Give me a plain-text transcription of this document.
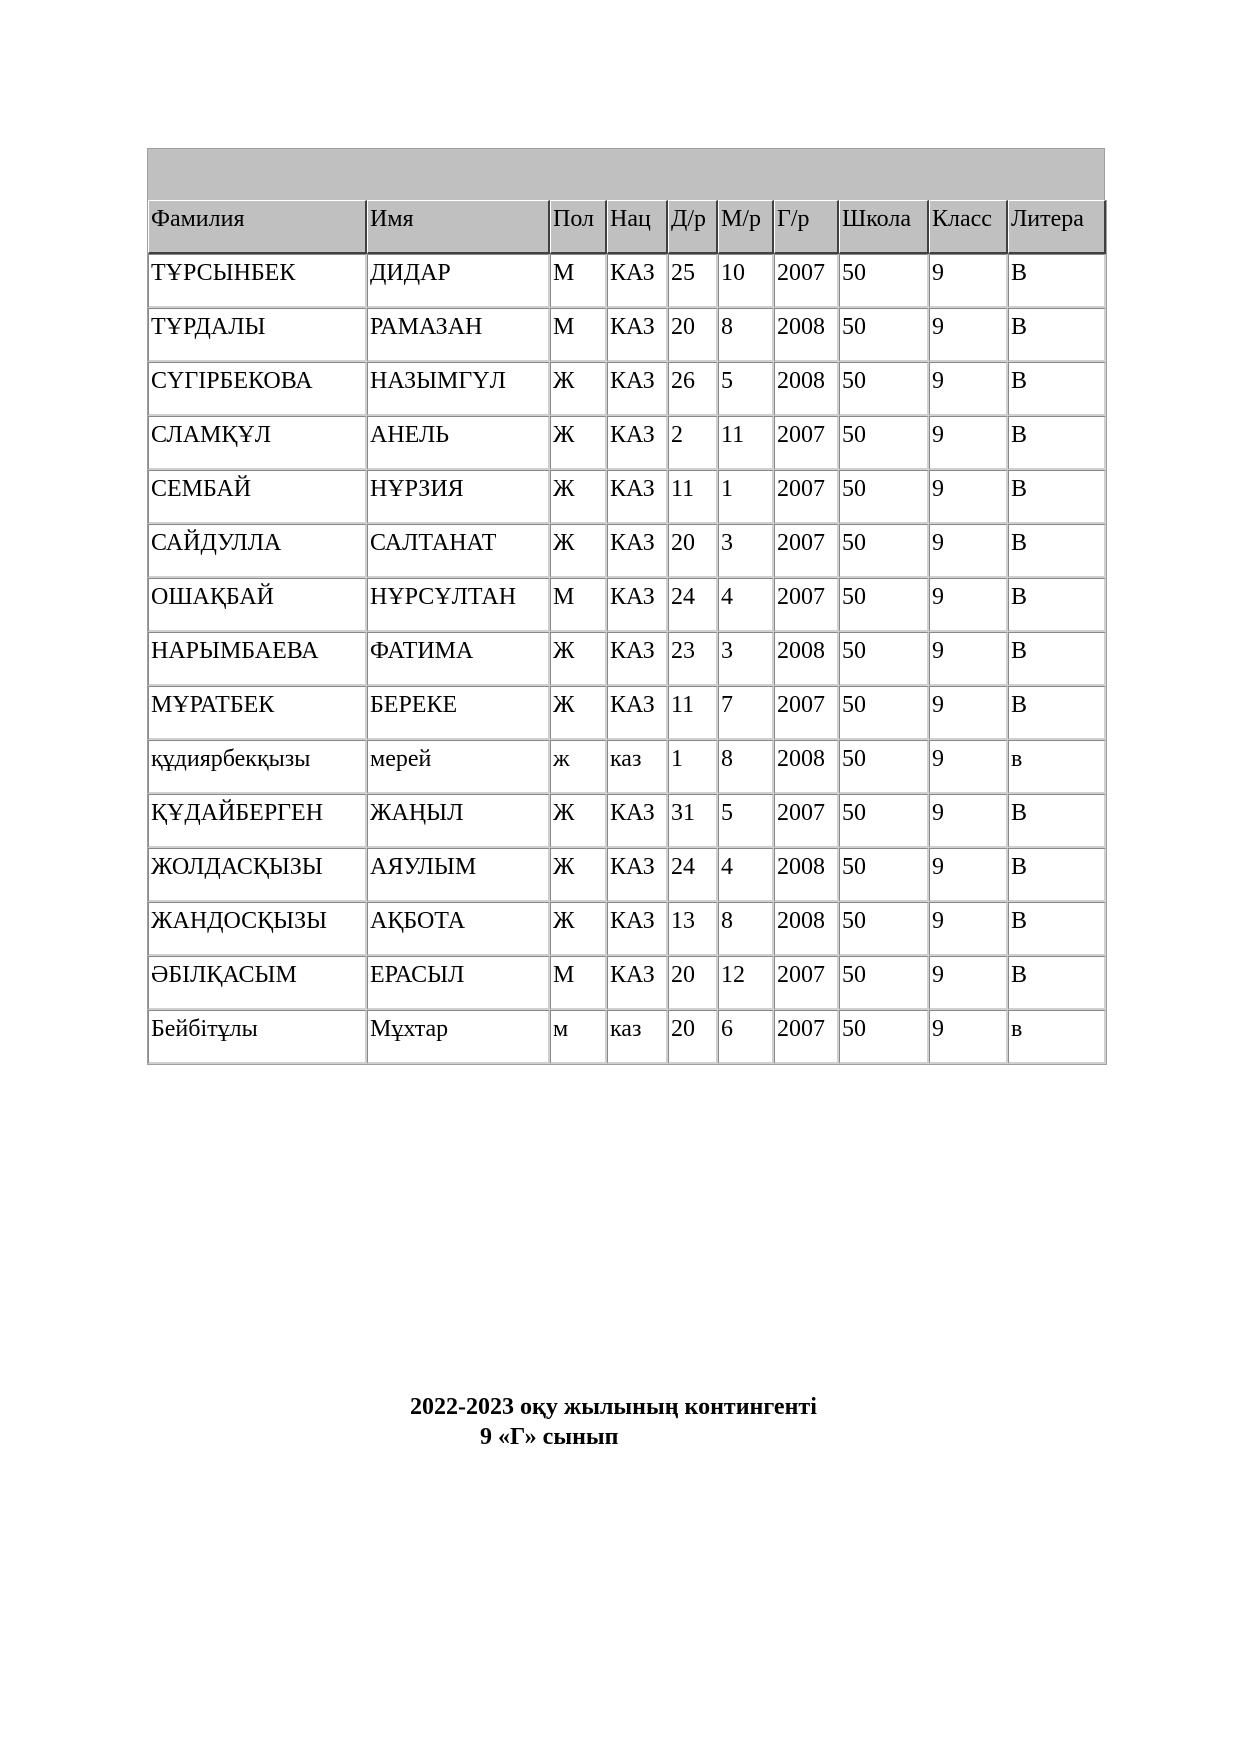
Фамилия	Имя	Пол	Нац	Д/р	М/р	Г/р	Школа	Класс	Литера
ТҰРСЫНБЕК	ДИДАР	М	КАЗ	25	10	2007	50	9	В
ТҰРДАЛЫ	РАМАЗАН	М	КАЗ	20	8	2008	50	9	В
СҮГІРБЕКОВА	НАЗЫМГҮЛ	Ж	КАЗ	26	5	2008	50	9	В
СЛАМҚҰЛ	АНЕЛЬ	Ж	КАЗ	2	11	2007	50	9	В
СЕМБАЙ	НҰРЗИЯ	Ж	КАЗ	11	1	2007	50	9	В
САЙДУЛЛА	САЛТАНАТ	Ж	КАЗ	20	3	2007	50	9	В
ОШАҚБАЙ	НҰРСҰЛТАН	М	КАЗ	24	4	2007	50	9	В
НАРЫМБАЕВА	ФАТИМА	Ж	КАЗ	23	3	2008	50	9	В
МҰРАТБЕК	БЕРЕКЕ	Ж	КАЗ	11	7	2007	50	9	В
құдиярбекқызы	мерей	ж	каз	1	8	2008	50	9	в
ҚҰДАЙБЕРГЕН	ЖАҢЫЛ	Ж	КАЗ	31	5	2007	50	9	В
ЖОЛДАСҚЫЗЫ	АЯУЛЫМ	Ж	КАЗ	24	4	2008	50	9	В
ЖАНДОСҚЫЗЫ	АҚБОТА	Ж	КАЗ	13	8	2008	50	9	В
ӘБІЛҚАСЫМ	ЕРАСЫЛ	М	КАЗ	20	12	2007	50	9	В
Бейбітұлы	Мұхтар	м	каз	20	6	2007	50	9	в
2022-2023 оқу жылының контингенті
9 «Г» сынып
